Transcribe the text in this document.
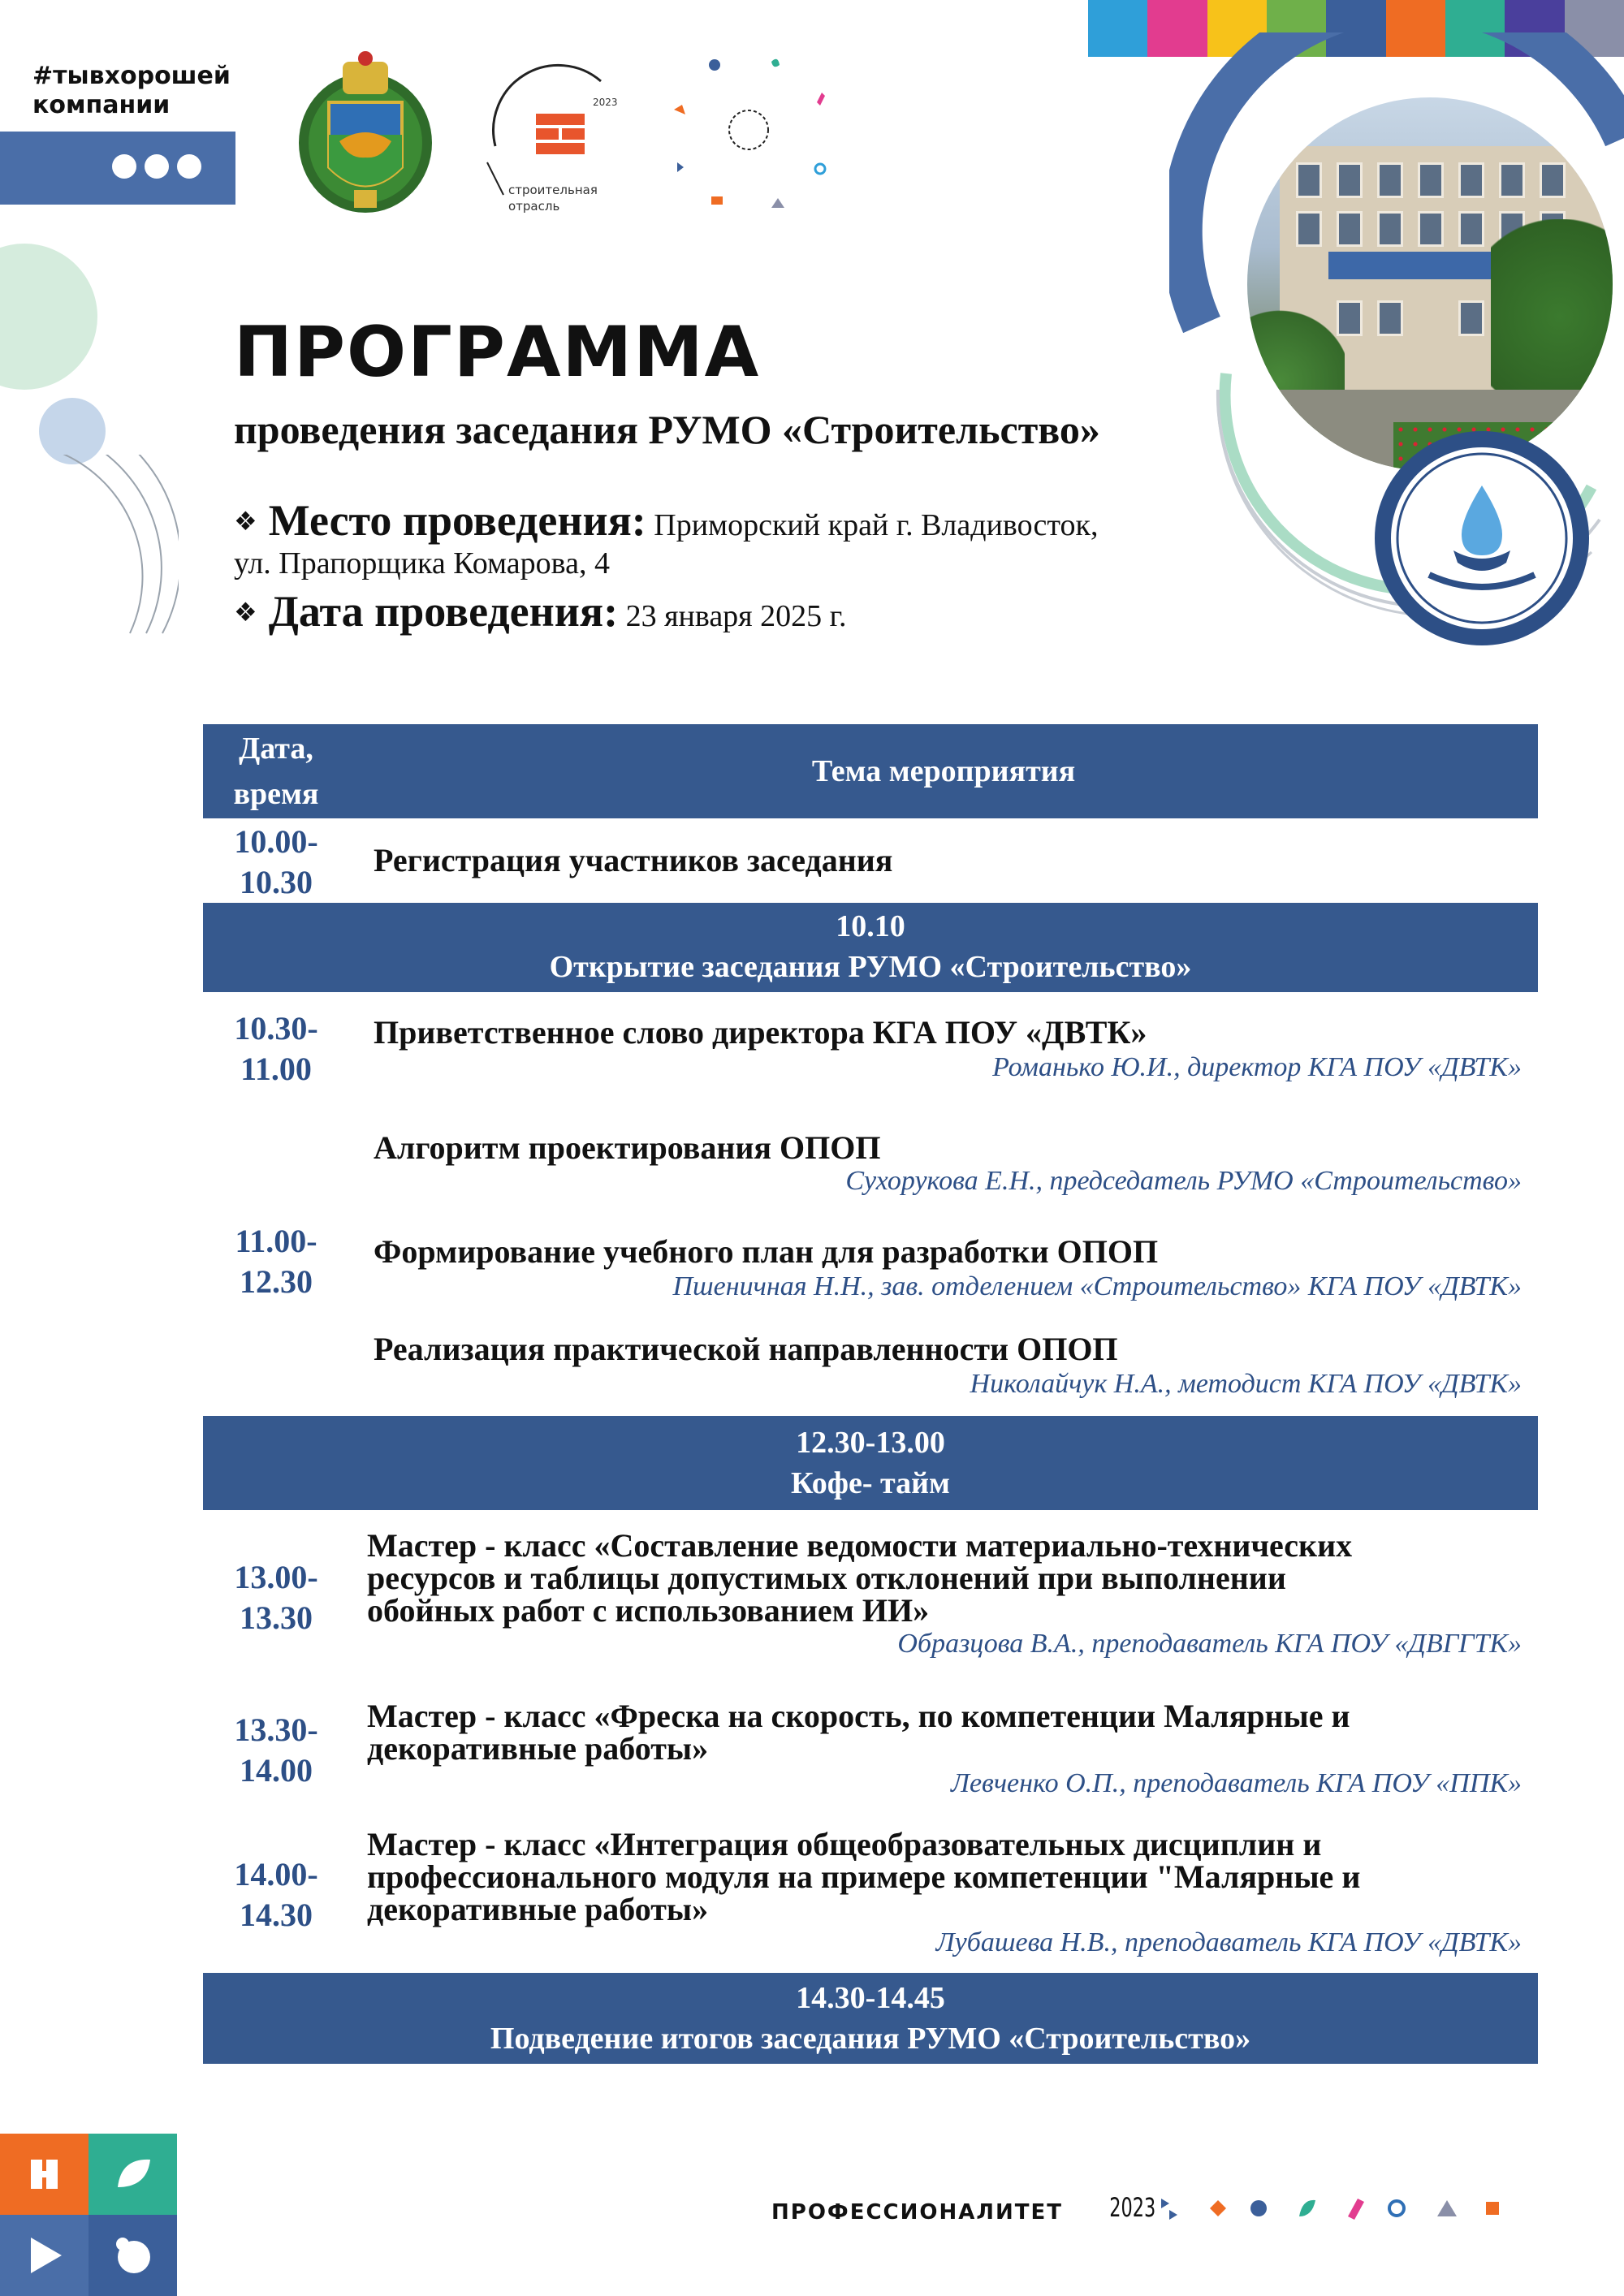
#тывхорошей
компании	2023
строительная
отрасль
ПРОГРАММА
проведения заседания РУМО «Строительство»
❖ Место проведения: Приморский край г. Владивосток,
ул. Прапорщика Комарова, 4
❖ Дата проведения: 23 января 2025 г.
Дата, время
Тема мероприятия
10.00-
10.30
Регистрация участников заседания
10.10
Открытие заседания РУМО «Строительство»
10.30-
11.00
Приветственное слово директора КГА ПОУ «ДВТК»
Романько Ю.И., директор КГА ПОУ «ДВТК»
Алгоритм проектирования ОПОП
Сухорукова Е.Н., председатель РУМО «Строительство»
11.00-
12.30
Формирование учебного план для разработки ОПОП
Пшеничная Н.Н., зав. отделением «Строительство» КГА ПОУ «ДВТК»
Реализация практической направленности ОПОП
Николайчук Н.А., методист КГА ПОУ «ДВТК»
12.30-13.00
Кофе- тайм
13.00-
13.30
Мастер - класс «Составление ведомости материально-технических
ресурсов и таблицы допустимых отклонений при выполнении
обойных работ с использованием ИИ»
Образцова В.А., преподаватель КГА ПОУ «ДВГГТК»
13.30-
14.00
Мастер - класс «Фреска на скорость, по компетенции Малярные и
декоративные работы»
Левченко О.П., преподаватель КГА ПОУ «ППК»
14.00-
14.30
Мастер - класс «Интеграция общеобразовательных дисциплин и
профессионального модуля на примере компетенции "Малярные и
декоративные работы»
Лубашева Н.В., преподаватель КГА ПОУ «ДВТК»
14.30-14.45
Подведение итогов заседания РУМО «Строительство»
ПРОФЕССИОНАЛИТЕТ 2023
